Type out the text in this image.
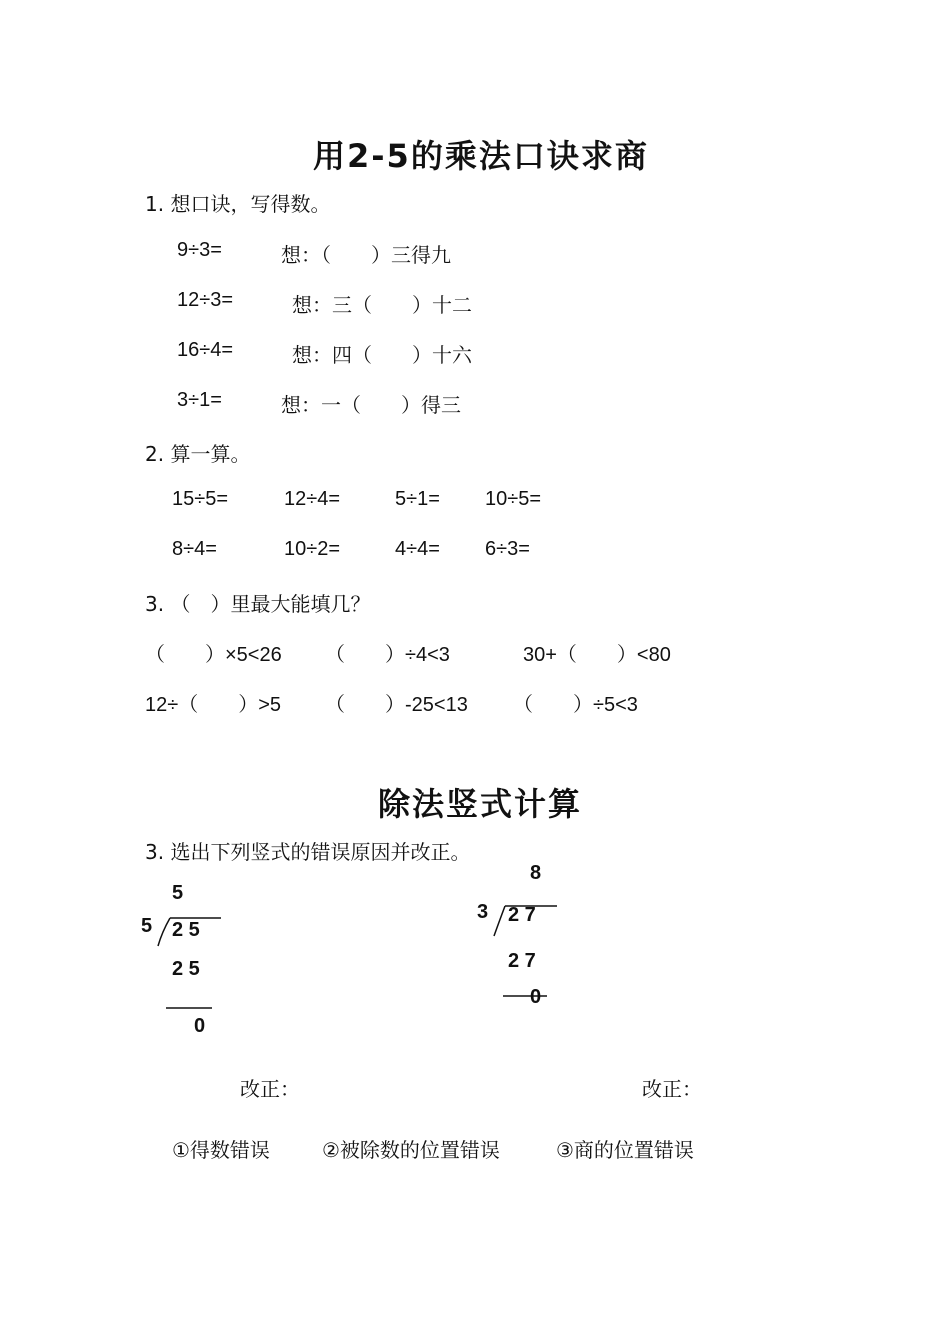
用2-5的乘法口诀求商
1. 想口诀，写得数。
9÷3=	想：（　　）三得九
12÷3=	想：三（　　）十二
16÷4=	想：四（　　）十六
3÷1=	想：一（　　）得三
2. 算一算。
15÷5=	12÷4=	5÷1= 10÷5=
8÷4=	10÷2=	4÷4= 6÷3=
3. （　）里最大能填几？
（　　）×5<26 （　　）÷4<3	30+（　　）<80
12÷（　　）>5 （　　）-25<13 （　　）÷5<3
除法竖式计算
3. 选出下列竖式的错误原因并改正。
5
5 2 5
2 5
0
8
3 2 7
2 7
0
改正：	改正：
①得数错误	②被除数的位置错误	③商的位置错误
